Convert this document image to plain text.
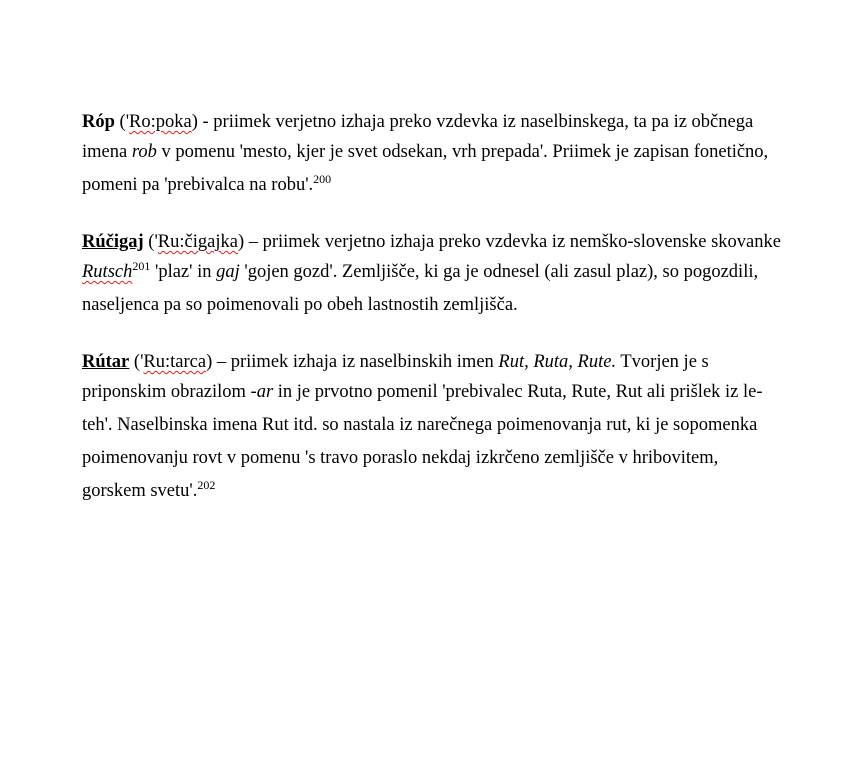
Róp ('Ro:poka) - priimek verjetno izhaja preko vzdevka iz naselbinskega, ta pa iz občnega
imena rob v pomenu 'mesto, kjer je svet odsekan, vrh prepada'. Priimek je zapisan fonetično,
pomeni pa 'prebivalca na robu'.$^{200}$
Rúčigaj ('Ru:čigajka) – priimek verjetno izhaja preko vzdevka iz nemško-slovenske skovanke
Rutsch$^{201}$ 'plaz' in gaj 'gojen gozd'. Zemljišče, ki ga je odnesel (ali zasul plaz), so pogozdili,
naseljenca pa so poimenovali po obeh lastnostih zemljišča.
Rútar ('Ru:tarca) – priimek izhaja iz naselbinskih imen Rut, Ruta, Rute. Tvorjen je s
priponskim obrazilom -ar in je prvotno pomenil 'prebivalec Ruta, Rute, Rut ali prišlek iz le-
teh'. Naselbinska imena Rut itd. so nastala iz narečnega poimenovanja rut, ki je sopomenka
poimenovanju rovt v pomenu 's travo poraslo nekdaj izkrčeno zemljišče v hribovitem,
gorskem svetu'.$^{202}$
